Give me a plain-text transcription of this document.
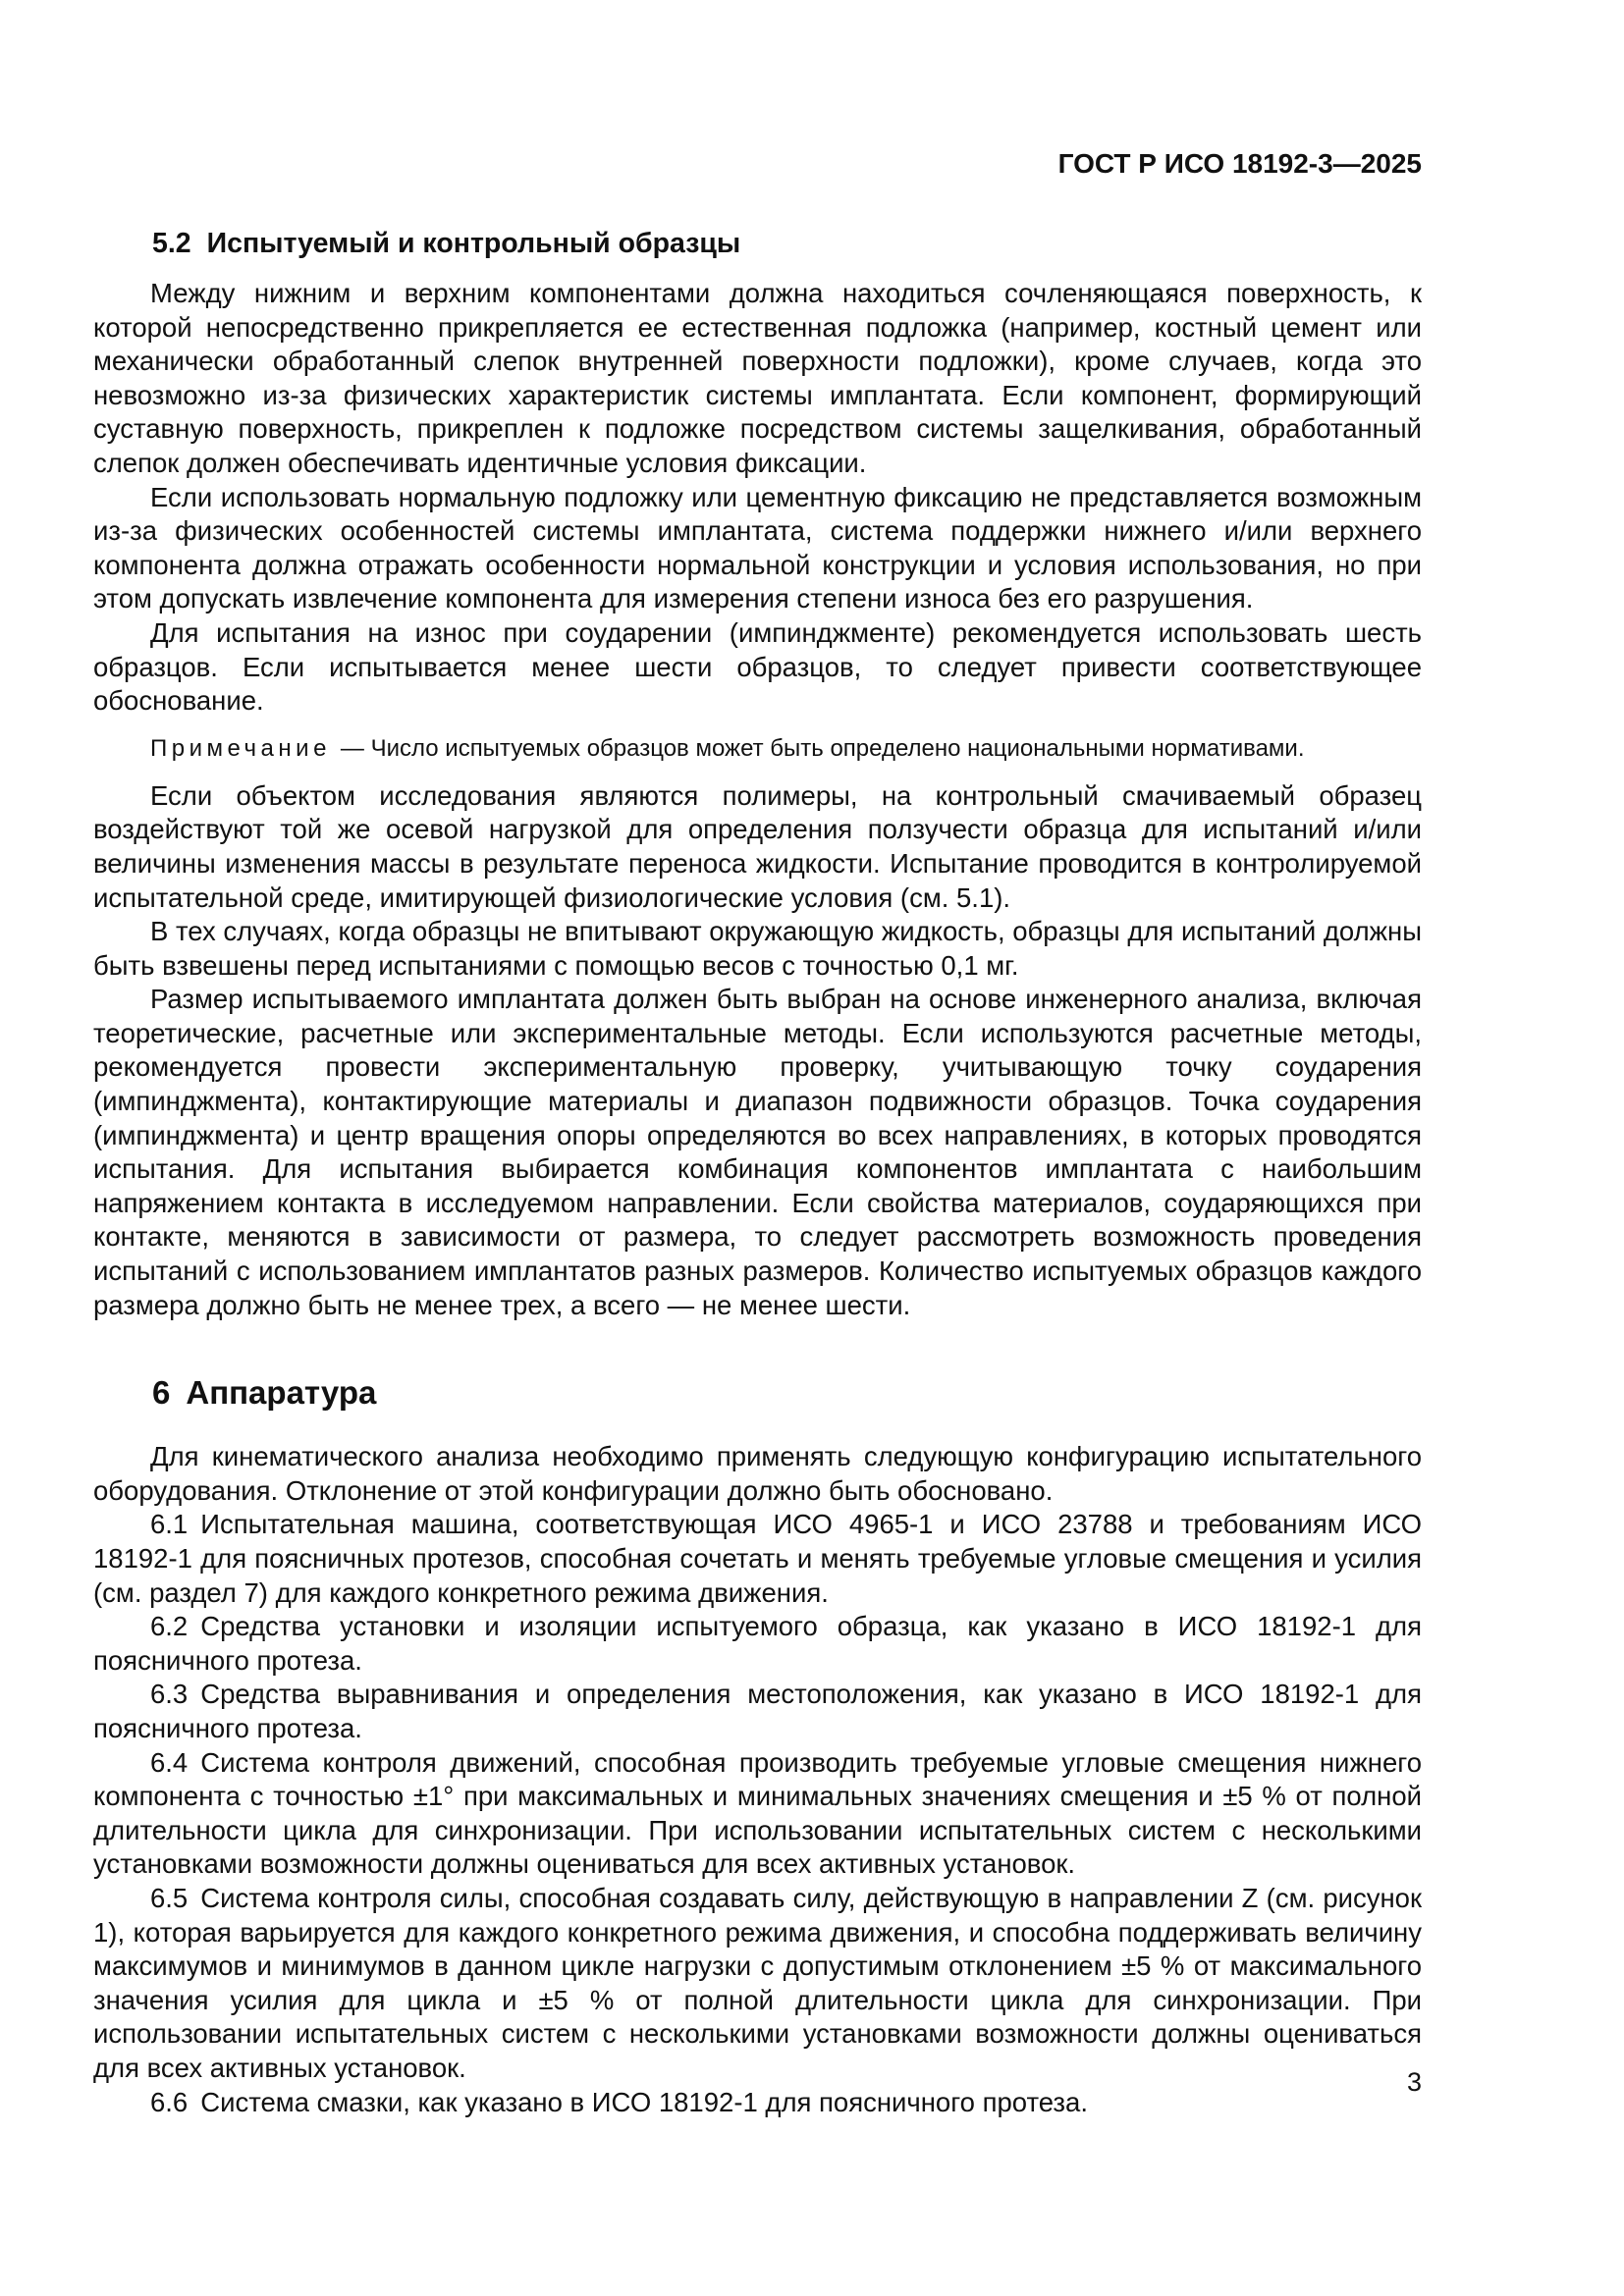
ГОСТ Р ИСО 18192-3—2025
5.2 Испытуемый и контрольный образцы

Между нижним и верхним компонентами должна находиться сочленяющаяся поверхность, к которой непосредственно прикрепляется ее естественная подложка (например, костный цемент или механически обработанный слепок внутренней поверхности подложки), кроме случаев, когда это невозможно из-за физических характеристик системы имплантата. Если компонент, формирующий суставную поверхность, прикреплен к подложке посредством системы защелкивания, обработанный слепок должен обеспечивать идентичные условия фиксации.

Если использовать нормальную подложку или цементную фиксацию не представляется возможным из-за физических особенностей системы имплантата, система поддержки нижнего и/или верхнего компонента должна отражать особенности нормальной конструкции и условия использования, но при этом допускать извлечение компонента для измерения степени износа без его разрушения.

Для испытания на износ при соударении (импинджменте) рекомендуется использовать шесть образцов. Если испытывается менее шести образцов, то следует привести соответствующее обоснование.

Примечание — Число испытуемых образцов может быть определено национальными нормативами.

Если объектом исследования являются полимеры, на контрольный смачиваемый образец воздействуют той же осевой нагрузкой для определения ползучести образца для испытаний и/или величины изменения массы в результате переноса жидкости. Испытание проводится в контролируемой испытательной среде, имитирующей физиологические условия (см. 5.1).

В тех случаях, когда образцы не впитывают окружающую жидкость, образцы для испытаний должны быть взвешены перед испытаниями с помощью весов с точностью 0,1 мг.

Размер испытываемого имплантата должен быть выбран на основе инженерного анализа, включая теоретические, расчетные или экспериментальные методы. Если используются расчетные методы, рекомендуется провести экспериментальную проверку, учитывающую точку соударения (импинджмента), контактирующие материалы и диапазон подвижности образцов. Точка соударения (импинджмента) и центр вращения опоры определяются во всех направлениях, в которых проводятся испытания. Для испытания выбирается комбинация компонентов имплантата с наибольшим напряжением контакта в исследуемом направлении. Если свойства материалов, соударяющихся при контакте, меняются в зависимости от размера, то следует рассмотреть возможность проведения испытаний с использованием имплантатов разных размеров. Количество испытуемых образцов каждого размера должно быть не менее трех, а всего — не менее шести.

6 Аппаратура

Для кинематического анализа необходимо применять следующую конфигурацию испытательного оборудования. Отклонение от этой конфигурации должно быть обосновано.

6.1 Испытательная машина, соответствующая ИСО 4965-1 и ИСО 23788 и требованиям ИСО 18192-1 для поясничных протезов, способная сочетать и менять требуемые угловые смещения и усилия (см. раздел 7) для каждого конкретного режима движения.

6.2 Средства установки и изоляции испытуемого образца, как указано в ИСО 18192-1 для поясничного протеза.

6.3 Средства выравнивания и определения местоположения, как указано в ИСО 18192-1 для поясничного протеза.

6.4 Система контроля движений, способная производить требуемые угловые смещения нижнего компонента с точностью ±1° при максимальных и минимальных значениях смещения и ±5 % от полной длительности цикла для синхронизации. При использовании испытательных систем с несколькими установками возможности должны оцениваться для всех активных установок.

6.5 Система контроля силы, способная создавать силу, действующую в направлении Z (см. рисунок 1), которая варьируется для каждого конкретного режима движения, и способна поддерживать величину максимумов и минимумов в данном цикле нагрузки с допустимым отклонением ±5 % от максимального значения усилия для цикла и ±5 % от полной длительности цикла для синхронизации. При использовании испытательных систем с несколькими установками возможности должны оцениваться для всех активных установок.

6.6 Система смазки, как указано в ИСО 18192-1 для поясничного протеза.

3
